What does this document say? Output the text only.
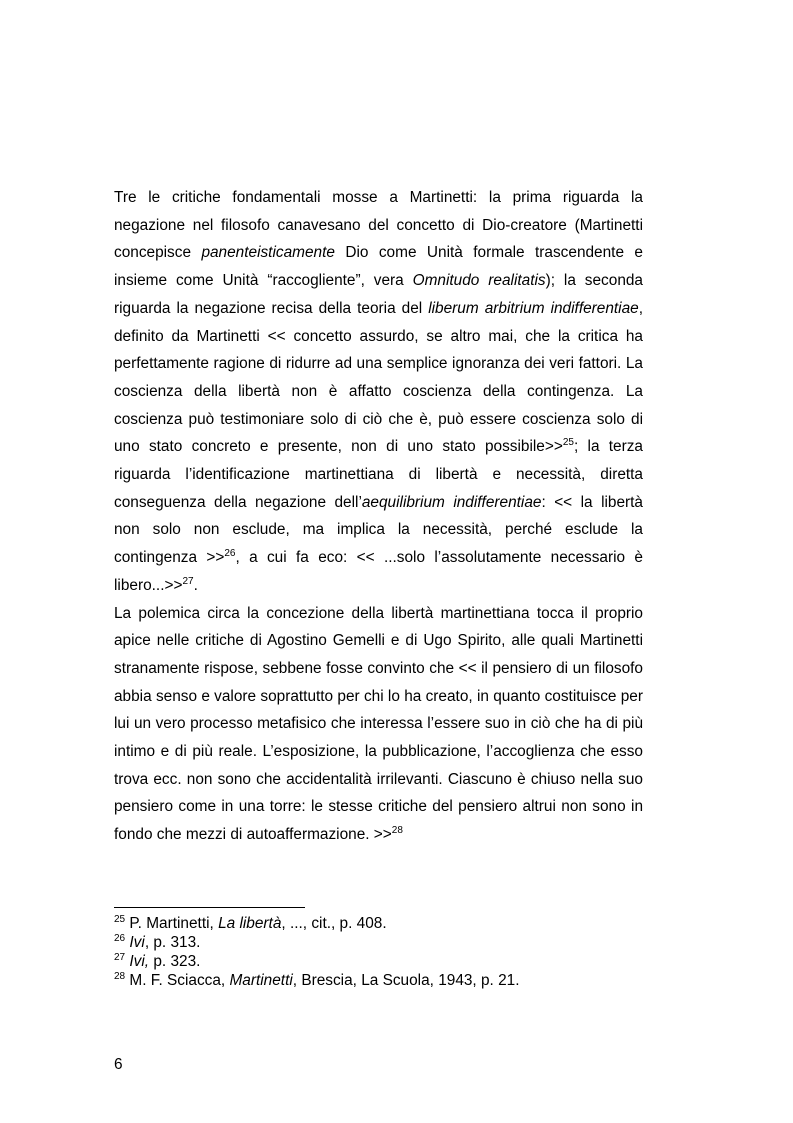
Tre le critiche fondamentali mosse a Martinetti: la prima riguarda la negazione nel filosofo canavesano del concetto di Dio-creatore (Martinetti concepisce panenteisticamente Dio come Unità formale trascendente e insieme come Unità “raccogliente”, vera Omnitudo realitatis); la seconda riguarda la negazione recisa della teoria del liberum arbitrium indifferentiae, definito da Martinetti << concetto assurdo, se altro mai, che la critica ha perfettamente ragione di ridurre ad una semplice ignoranza dei veri fattori. La coscienza della libertà non è affatto coscienza della contingenza. La coscienza può testimoniare solo di ciò che è, può essere coscienza solo di uno stato concreto e presente, non di uno stato possibile>>$^{25}$; la terza riguarda l’identificazione martinettiana di libertà e necessità, diretta conseguenza della negazione dell’aequilibrium indifferentiae: << la libertà non solo non esclude, ma implica la necessità, perché esclude la contingenza >>$^{26}$, a cui fa eco: << ...solo l’assolutamente necessario è libero...>>$^{27}$.

La polemica circa la concezione della libertà martinettiana tocca il proprio apice nelle critiche di Agostino Gemelli e di Ugo Spirito, alle quali Martinetti stranamente rispose, sebbene fosse convinto che << il pensiero di un filosofo abbia senso e valore soprattutto per chi lo ha creato, in quanto costituisce per lui un vero processo metafisico che interessa l’essere suo in ciò che ha di più intimo e di più reale. L’esposizione, la pubblicazione, l’accoglienza che esso trova ecc. non sono che accidentalità irrilevanti. Ciascuno è chiuso nella suo pensiero come in una torre: le stesse critiche del pensiero altrui non sono in fondo che mezzi di autoaffermazione. >>$^{28}$

$^{25}$ P. Martinetti, La libertà, ..., cit., p. 408.

$^{26}$ Ivi, p. 313.

$^{27}$ Ivi, p. 323.

$^{28}$ M. F. Sciacca, Martinetti, Brescia, La Scuola, 1943, p. 21.

6
